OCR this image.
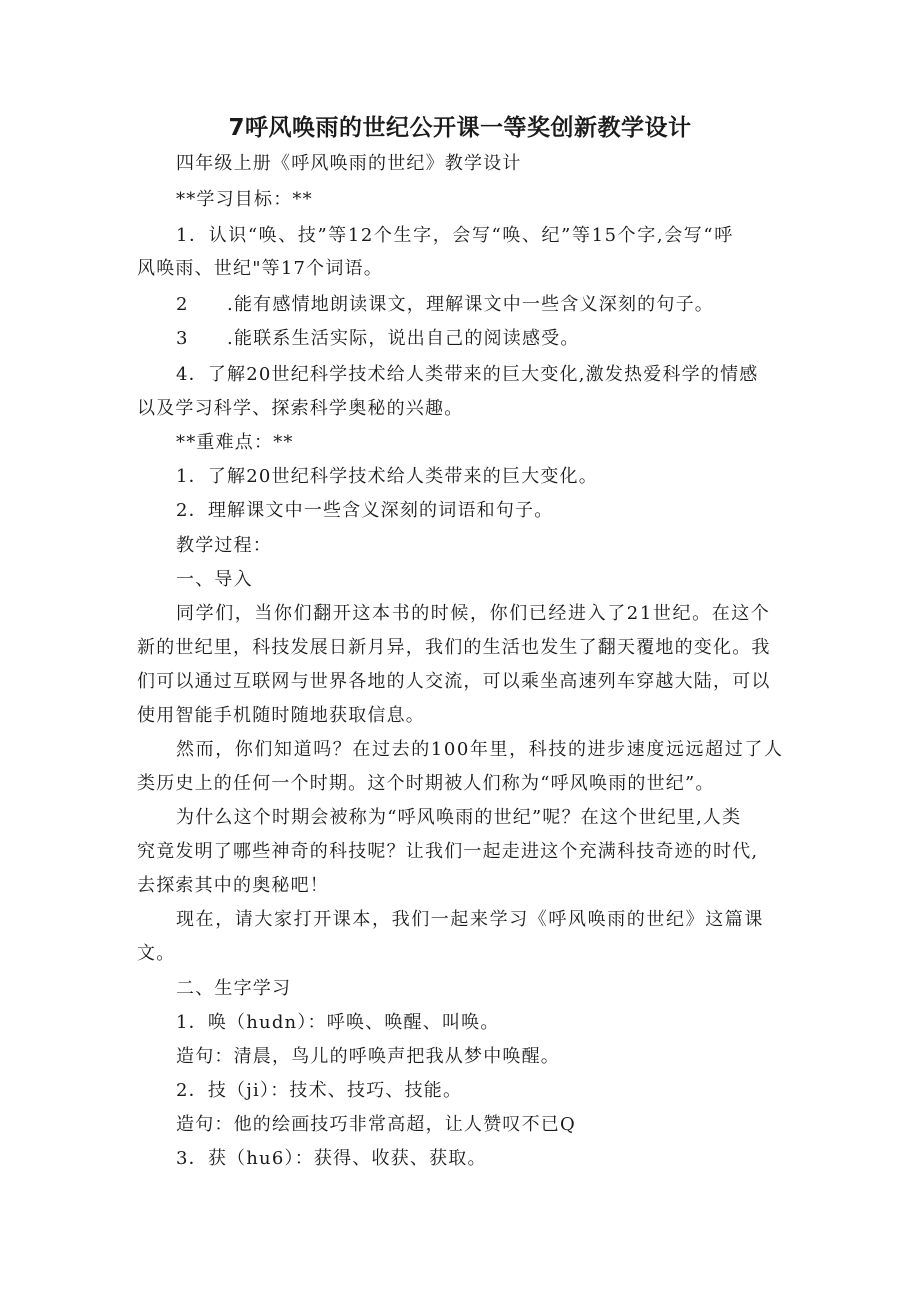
7呼风唤雨的世纪公开课一等奖创新教学设计
四年级上册《呼风唤雨的世纪》教学设计
**学习目标：**
1．认识“唤、技”等12个生字，会写“唤、纪”等15个字,会写“呼
风唤雨、世纪"等17个词语。
2　　.能有感情地朗读课文，理解课文中一些含义深刻的句子。
3　　.能联系生活实际，说出自己的阅读感受。
4．了解20世纪科学技术给人类带来的巨大变化,激发热爱科学的情感
以及学习科学、探索科学奥秘的兴趣。
**重难点：**
1．了解20世纪科学技术给人类带来的巨大变化。
2．理解课文中一些含义深刻的词语和句子。
教学过程：
一、导入
同学们，当你们翻开这本书的时候，你们已经进入了21世纪。在这个
新的世纪里，科技发展日新月异，我们的生活也发生了翻天覆地的变化。我
们可以通过互联网与世界各地的人交流，可以乘坐高速列车穿越大陆，可以
使用智能手机随时随地获取信息。
然而，你们知道吗？在过去的100年里，科技的进步速度远远超过了人
类历史上的任何一个时期。这个时期被人们称为“呼风唤雨的世纪”。
为什么这个时期会被称为“呼风唤雨的世纪”呢？在这个世纪里,人类
究竟发明了哪些神奇的科技呢？让我们一起走进这个充满科技奇迹的时代,
去探索其中的奥秘吧！
现在，请大家打开课本，我们一起来学习《呼风唤雨的世纪》这篇课
文。
二、生字学习
1．唤（hudn）：呼唤、唤醒、叫唤。
造句：清晨，鸟儿的呼唤声把我从梦中唤醒。
2．技（ji）：技术、技巧、技能。
造句：他的绘画技巧非常高超，让人赞叹不已Q
3．获（hu6）：获得、收获、获取。
